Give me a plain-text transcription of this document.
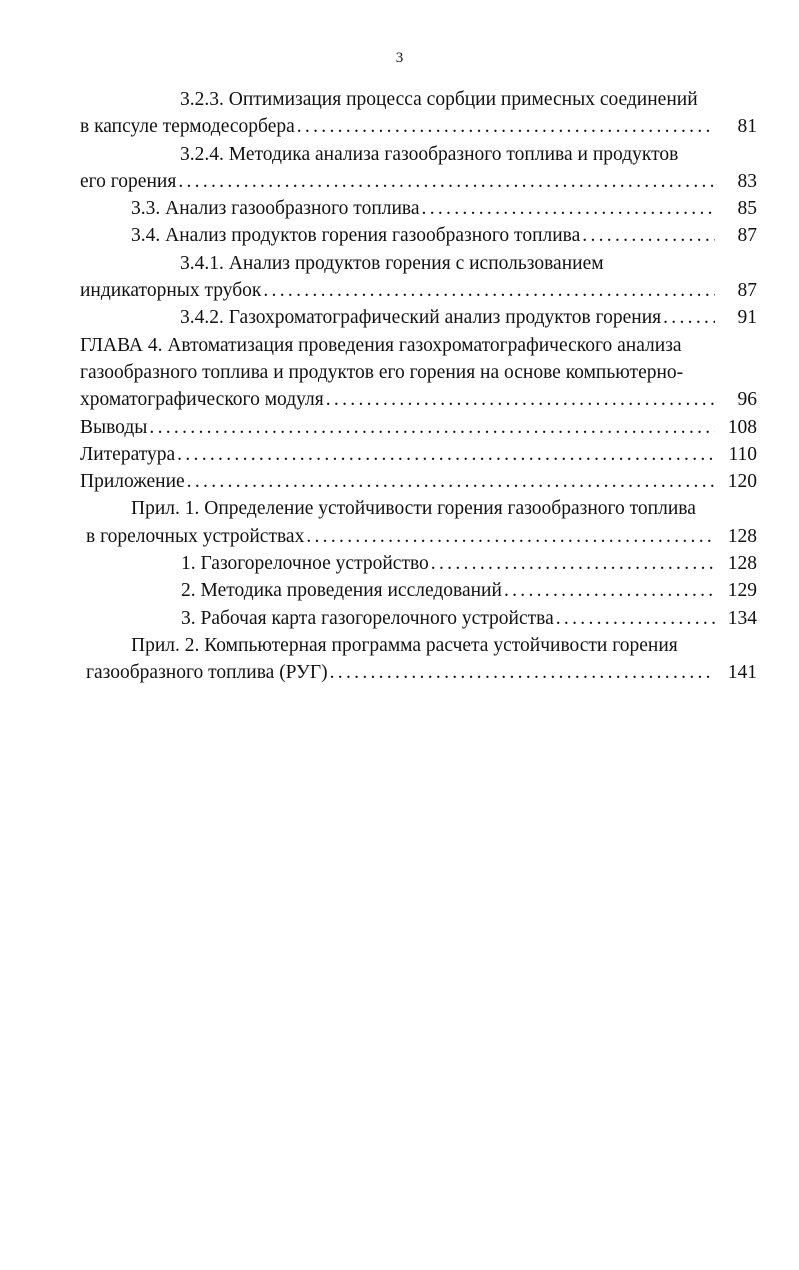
3
3.2.3. Оптимизация процесса сорбции примесных соединений
в капсуле термодесорбера .....	81
3.2.4. Методика анализа газообразного топлива и продуктов
его горения .....	83
3.3. Анализ газообразного топлива .....	85
3.4. Анализ продуктов горения газообразного топлива .....	87
3.4.1. Анализ продуктов горения с использованием
индикаторных трубок .....	87
3.4.2. Газохроматографический анализ продуктов горения .....	91
ГЛАВА 4. Автоматизация проведения газохроматографического анализа
газообразного топлива и продуктов его горения на основе компьютерно-
хроматографического модуля .....	96
Выводы .....	108
Литература .....	110
Приложение .....	120
Прил. 1. Определение устойчивости горения газообразного топлива
в горелочных устройствах .....	128
1. Газогорелочное устройство .....	128
2. Методика проведения исследований .....	129
3. Рабочая карта газогорелочного устройства .....	134
Прил. 2. Компьютерная программа расчета устойчивости горения
газообразного топлива (РУГ) .....	141
